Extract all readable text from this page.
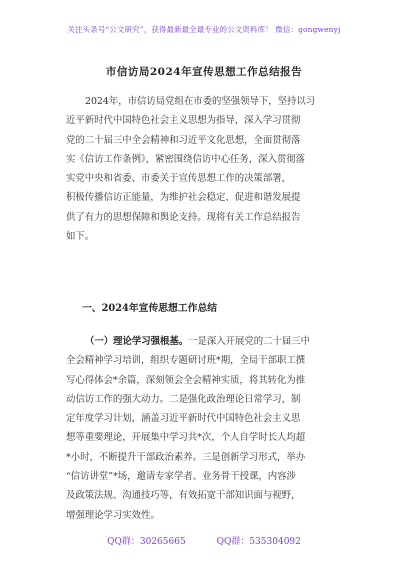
关注头条号“公文研究”，获得最新最全最专业的公文资料库！ 微信：gongwenyj
市信访局2024年宣传思想工作总结报告
2024年，市信访局党组在市委的坚强领导下，坚持以习
近平新时代中国特色社会主义思想为指导，深入学习贯彻
党的二十届三中全会精神和习近平文化思想，全面贯彻落
实《信访工作条例》，紧密围绕信访中心任务，深入贯彻落
实党中央和省委、市委关于宣传思想工作的决策部署，
积极传播信访正能量，为维护社会稳定、促进和谐发展提
供了有力的思想保障和舆论支持。现将有关工作总结报告
如下。
一、2024年宣传思想工作总结
（一）理论学习强根基。一是深入开展党的二十届三中
全会精神学习培训，组织专题研讨班*期，全局干部职工撰
写心得体会*余篇，深刻领会全会精神实质，将其转化为推
动信访工作的强大动力。二是强化政治理论日常学习，制
定年度学习计划，涵盖习近平新时代中国特色社会主义思
想等重要理论，开展集中学习共*次，个人自学时长人均超
*小时，不断提升干部政治素养。三是创新学习形式，举办
“信访讲堂”*场，邀请专家学者、业务骨干授课，内容涉
及政策法规、沟通技巧等，有效拓宽干部知识面与视野，
增强理论学习实效性。
QQ群：30265665	QQ群：535304092
